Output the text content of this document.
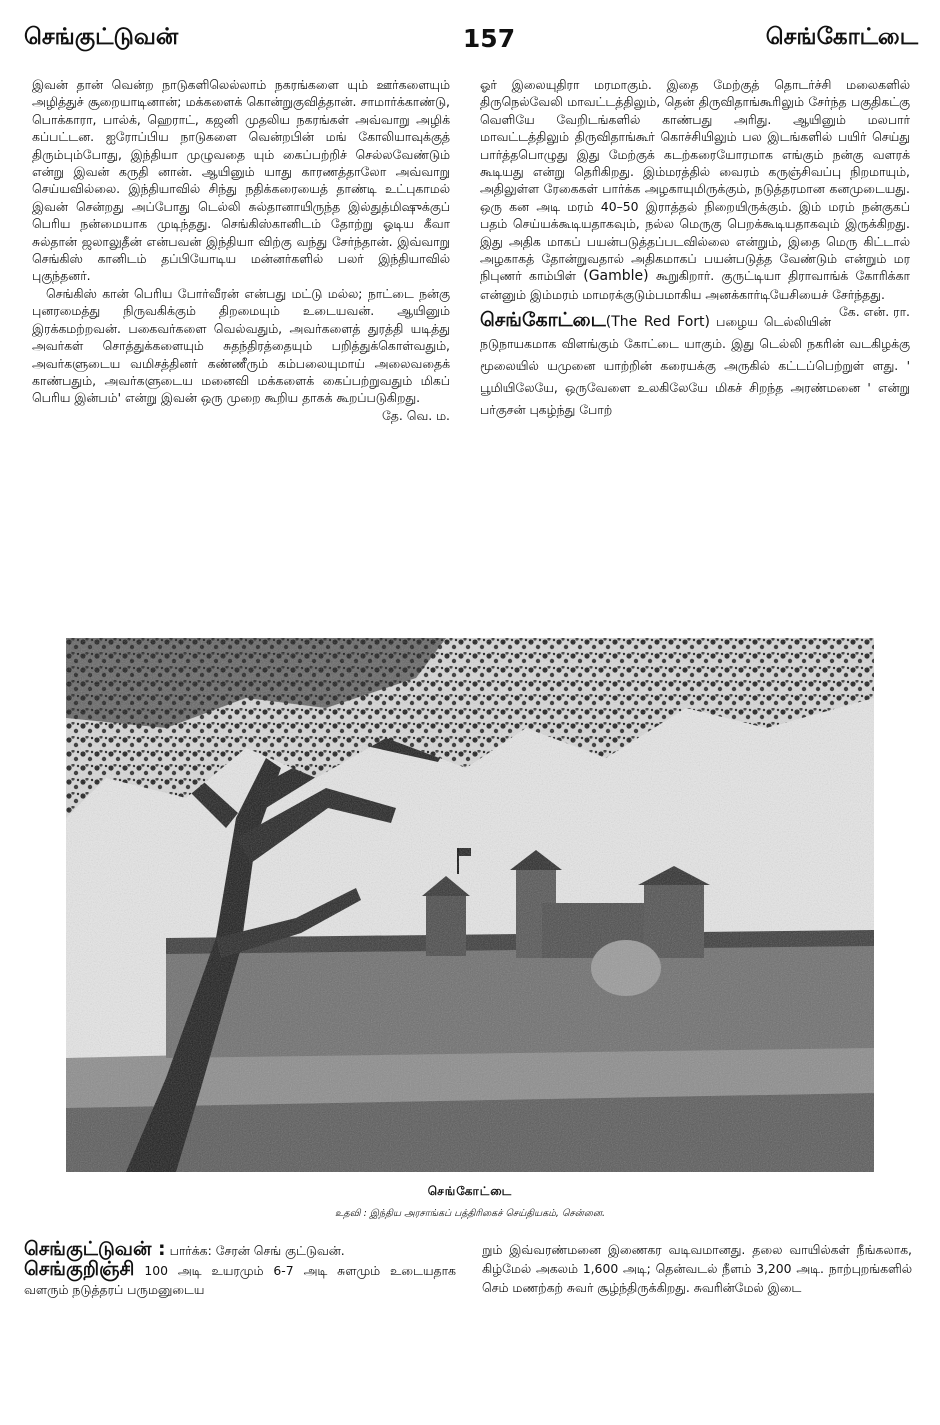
செங்குட்டுவன்	157	செங்கோட்டை

இவன் தான் வென்ற நாடுகளிலெல்லாம் நகரங்களை யும் ஊர்களையும் அழித்துச் சூறையாடினான்; மக்களைக் கொன்றுகுவித்தான். சாமார்க்காண்டு, பொக்காரா, பால்க், ஹெராட், கஜனி முதலிய நகரங்கள் அவ்வாறு அழிக் கப்பட்டன. ஐரோப்பிய நாடுகளை வென்றபின் மங் கோலியாவுக்குத் திரும்பும்போது, இந்தியா முழுவதை யும் கைப்பற்றிச் செல்லவேண்டும் என்று இவன் கருதி னான். ஆயினும் யாது காரணத்தாலோ அவ்வாறு செய்யவில்லை. இந்தியாவில் சிந்து நதிக்கரையைத் தாண்டி உட்புகாமல் இவன் சென்றது அப்போது டெல்லி சுல்தானாயிருந்த இல்துத்மிஷுக்குப் பெரிய நன்மையாக முடிந்தது. செங்கிஸ்கானிடம் தோற்று ஓடிய கீவா சுல்தான் ஜலாலுதீன் என்பவன் இந்தியா விற்கு வந்து சேர்ந்தான். இவ்வாறு செங்கிஸ் கானிடம் தப்பியோடிய மன்னர்களில் பலர் இந்தியாவில் புகுந்தனர்.

செங்கிஸ் கான் பெரிய போர்வீரன் என்பது மட்டு மல்ல; நாட்டை நன்கு புனரமைத்து நிருவகிக்கும் திறமையும் உடையவன். ஆயினும் இரக்கமற்றவன். பகைவர்களை வெல்வதும், அவர்களைத் துரத்தி யடித்து அவர்கள் சொத்துக்களையும் சுதந்திரத்தையும் பறித்துக்கொள்வதும், அவர்களுடைய வமிசத்தினர் கண்ணீரும் கம்பலையுமாய் அலைவதைக் காண்பதும், அவர்களுடைய மனைவி மக்களைக் கைப்பற்றுவதும் மிகப் பெரிய இன்பம்' என்று இவன் ஒரு முறை கூறிய தாகக் கூறப்படுகிறது.
தே. வெ. ம.

ஓர் இலையுதிரா மரமாகும். இதை மேற்குத் தொடர்ச்சி மலைகளில் திருநெல்வேலி மாவட்டத்திலும், தென் திருவிதாங்கூரிலும் சேர்ந்த பகுதிகட்கு வெளியே வேறிடங்களில் காண்பது அரிது. ஆயினும் மலபார் மாவட்டத்திலும் திருவிதாங்கூர் கொச்சியிலும் பல இடங்களில் பயிர் செய்து பார்த்தபொழுது இது மேற்குக் கடற்கரையோரமாக எங்கும் நன்கு வளரக் கூடியது என்று தெரிகிறது. இம்மரத்தில் வைரம் கருஞ்சிவப்பு நிறமாயும், அதிலுள்ள ரேகைகள் பார்க்க அழகாயுமிருக்கும், நடுத்தரமான கனமுடையது. ஒரு கன அடி மரம் 40–50 இராத்தல் நிறையிருக்கும். இம் மரம் நன்குகப் பதம் செய்யக்கூடியதாகவும், நல்ல மெருகு பெறக்கூடியதாகவும் இருக்கிறது. இது அதிக மாகப் பயன்படுத்தப்படவில்லை என்றும், இதை மெரு கிட்டால் அழகாகத் தோன்றுவதால் அதிகமாகப் பயன்படுத்த வேண்டும் என்றும் மர நிபுணர் காம்பிள் (Gamble) கூறுகிறார். குருட்டியா திராவாங்க் கோரிக்கா என்னும் இம்மரம் மாமரக்குடும்பமாகிய அனக்கார்டியேசியைச் சேர்ந்தது.
கே. என். ரா.

செங்கோட்டை(The Red Fort) பழைய டெல்லியின் நடுநாயகமாக விளங்கும் கோட்டை யாகும். இது டெல்லி நகரின் வடகிழக்கு மூலையில் யமுனை யாற்றின் கரையக்கு அருகில் கட்டப்பெற்றுள் ளது. ' பூமியிலேயே, ஒருவேளை உலகிலேயே மிகச் சிறந்த அரண்மனை ' என்று பர்குசன் புகழ்ந்து போற்

செங்கோட்டை
உதவி : இந்திய அரசாங்கப் பத்திரிகைச் செய்தியகம், சென்னை.

செங்குட்டுவன் : பார்க்க: சேரன் செங் குட்டுவன்.

செங்குறிஞ்சி 100 அடி உயரமும் 6-7 அடி சுளமும் உடையதாக வளரும் நடுத்தரப் பருமனுடைய

றும் இவ்வரண்மனை இணைகர வடிவமானது. தலை வாயில்கள் நீங்கலாக, கிழ்மேல் அகலம் 1,600 அடி; தென்வடல் நீளம் 3,200 அடி. நாற்புறங்களில் செம் மணற்கற் சுவர் சூழ்ந்திருக்கிறது. சுவரின்மேல் இடை
